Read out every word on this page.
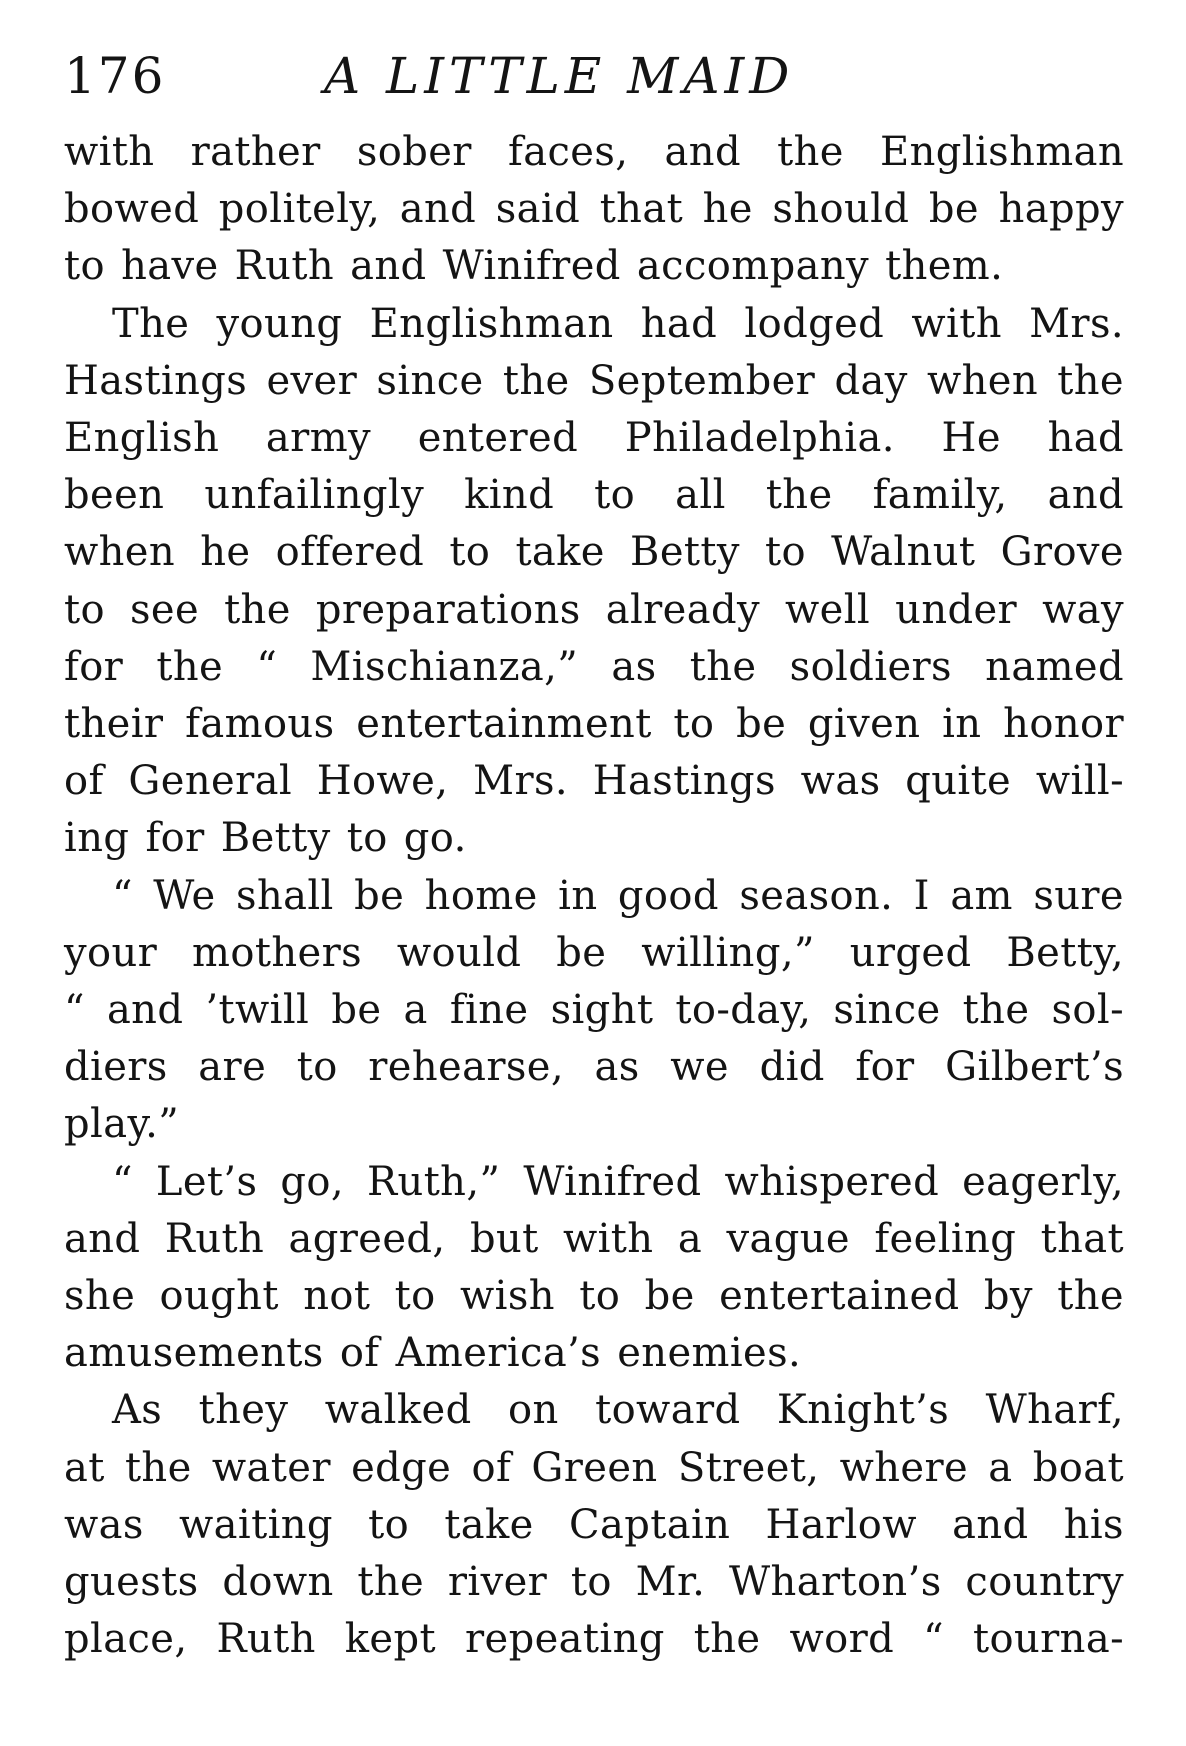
176	A LITTLE MAID

with rather sober faces, and the Englishman

bowed politely, and said that he should be happy

to have Ruth and Winifred accompany them.

The young Englishman had lodged with Mrs.

Hastings ever since the September day when the

English army entered Philadelphia. He had

been unfailingly kind to all the family, and

when he offered to take Betty to Walnut Grove

to see the preparations already well under way

for the “ Mischianza,” as the soldiers named

their famous entertainment to be given in honor

of General Howe, Mrs. Hastings was quite will-

ing for Betty to go.

“ We shall be home in good season. I am sure

your mothers would be willing,” urged Betty,

“ and ’twill be a fine sight to-day, since the sol-

diers are to rehearse, as we did for Gilbert’s play.”

“ Let’s go, Ruth,” Winifred whispered eagerly,

and Ruth agreed, but with a vague feeling that

she ought not to wish to be entertained by the

amusements of America’s enemies.

As they walked on toward Knight’s Wharf,

at the water edge of Green Street, where a boat

was waiting to take Captain Harlow and his

guests down the river to Mr. Wharton’s country

place, Ruth kept repeating the word “ tourna-
